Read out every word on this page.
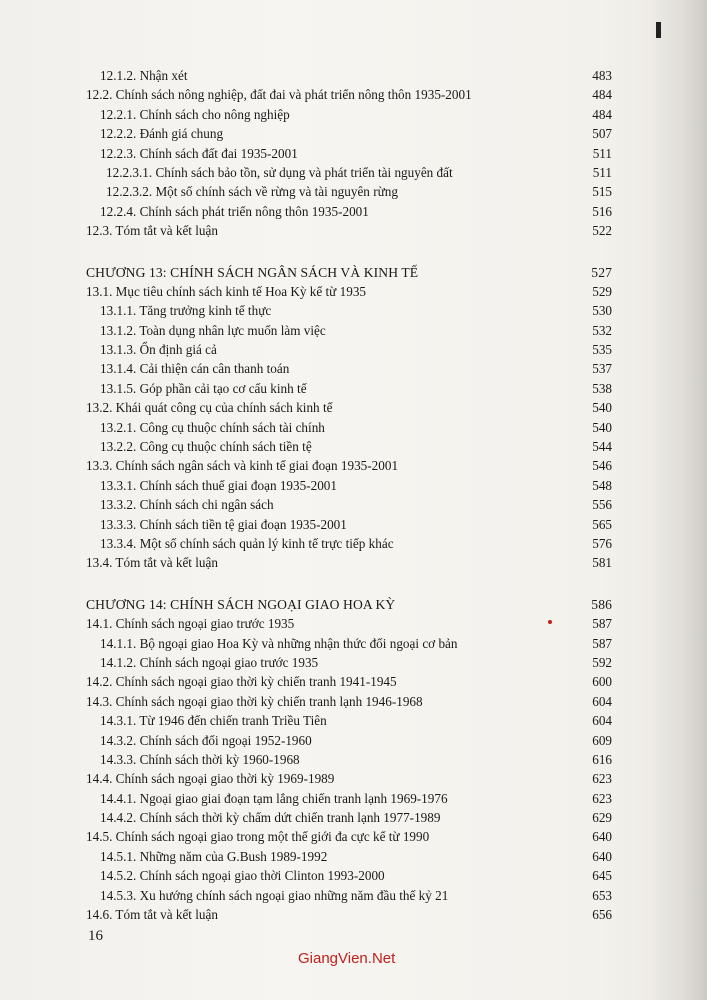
12.1.2. Nhận xét	483
12.2. Chính sách nông nghiệp, đất đai và phát triển nông thôn 1935-2001	484
12.2.1. Chính sách cho nông nghiệp	484
12.2.2. Đánh giá chung	507
12.2.3. Chính sách đất đai 1935-2001	511
12.2.3.1. Chính sách bảo tồn, sử dụng và phát triển tài nguyên đất	511
12.2.3.2. Một số chính sách về rừng và tài nguyên rừng	515
12.2.4. Chính sách phát triển nông thôn 1935-2001	516
12.3. Tóm tắt và kết luận	522
CHƯƠNG 13: CHÍNH SÁCH NGÂN SÁCH VÀ KINH TẾ	527
13.1. Mục tiêu chính sách kinh tế Hoa Kỳ kể từ 1935	529
13.1.1. Tăng trưởng kinh tế thực	530
13.1.2. Toàn dụng nhân lực muốn làm việc	532
13.1.3. Ổn định giá cả	535
13.1.4. Cải thiện cán cân thanh toán	537
13.1.5. Góp phần cải tạo cơ cấu kinh tế	538
13.2. Khái quát công cụ của chính sách kinh tế	540
13.2.1. Công cụ thuộc chính sách tài chính	540
13.2.2. Công cụ thuộc chính sách tiền tệ	544
13.3. Chính sách ngân sách và kinh tế giai đoạn 1935-2001	546
13.3.1. Chính sách thuế giai đoạn 1935-2001	548
13.3.2. Chính sách chi ngân sách	556
13.3.3. Chính sách tiền tệ giai đoạn 1935-2001	565
13.3.4. Một số chính sách quản lý kinh tế trực tiếp khác	576
13.4. Tóm tắt và kết luận	581
CHƯƠNG 14: CHÍNH SÁCH NGOẠI GIAO HOA KỲ	586
14.1. Chính sách ngoại giao trước 1935	587
14.1.1. Bộ ngoại giao Hoa Kỳ và những nhận thức đối ngoại cơ bản	587
14.1.2. Chính sách ngoại giao trước 1935	592
14.2. Chính sách ngoại giao thời kỳ chiến tranh 1941-1945	600
14.3. Chính sách ngoại giao thời kỳ chiến tranh lạnh 1946-1968	604
14.3.1. Từ 1946 đến chiến tranh Triều Tiên	604
14.3.2. Chính sách đối ngoại 1952-1960	609
14.3.3. Chính sách thời kỳ 1960-1968	616
14.4. Chính sách ngoại giao thời kỳ 1969-1989	623
14.4.1. Ngoại giao giai đoạn tạm lắng chiến tranh lạnh 1969-1976	623
14.4.2. Chính sách thời kỳ chấm dứt chiến tranh lạnh 1977-1989	629
14.5. Chính sách ngoại giao trong một thế giới đa cực kể từ 1990	640
14.5.1. Những năm của G.Bush 1989-1992	640
14.5.2. Chính sách ngoại giao thời Clinton 1993-2000	645
14.5.3. Xu hướng chính sách ngoại giao những năm đầu thế kỷ 21	653
14.6. Tóm tắt và kết luận	656
16
GiangVien.Net
